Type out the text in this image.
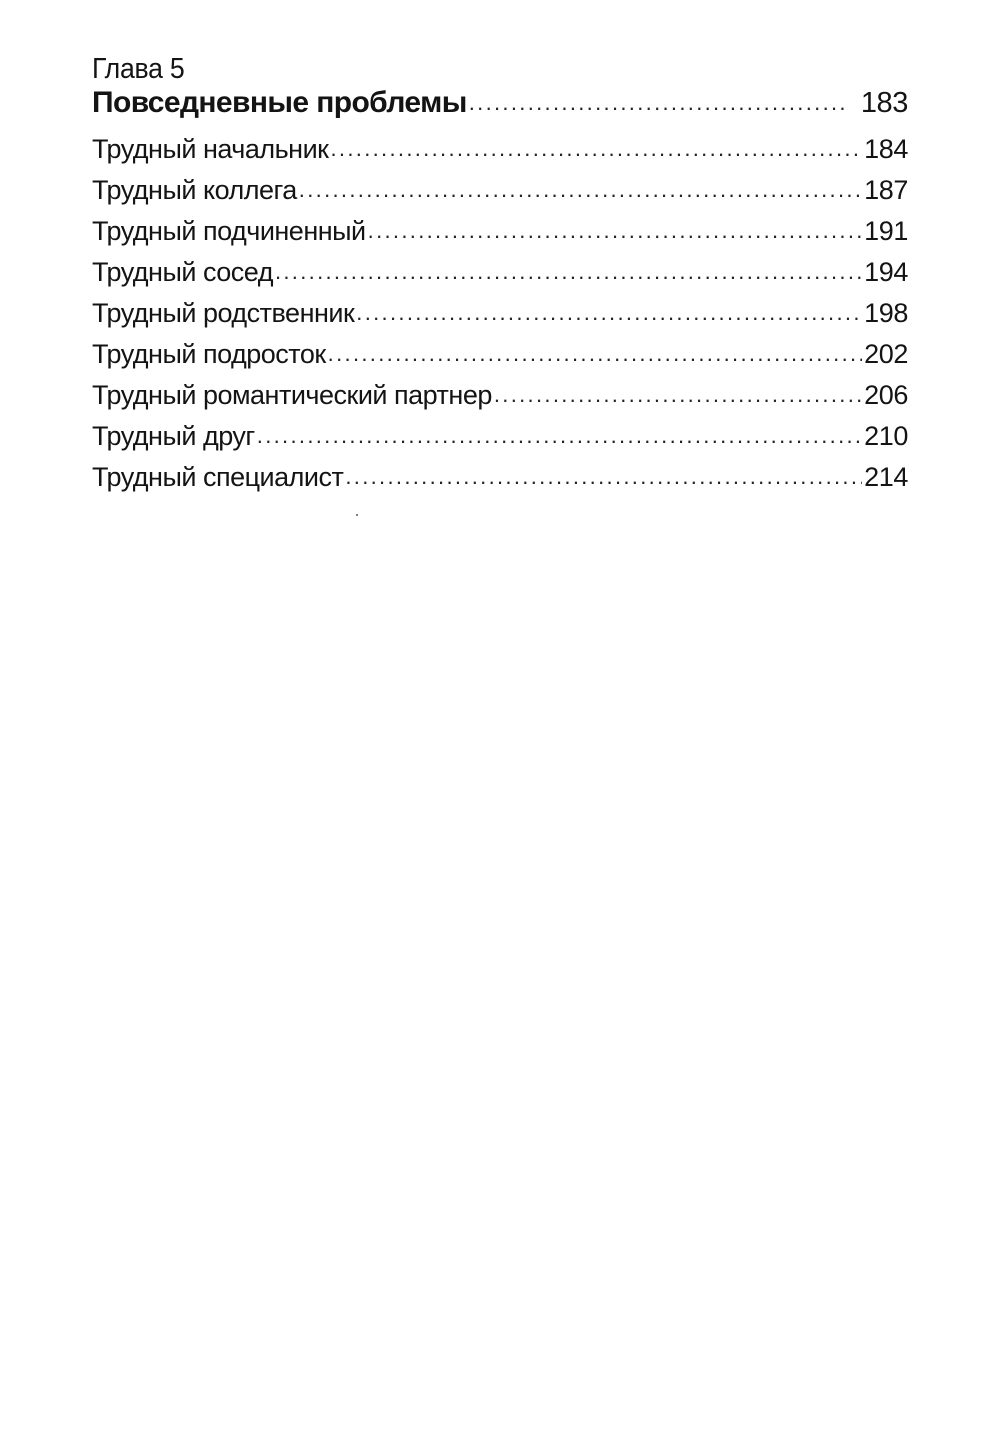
Глава 5
Повседневные проблемы . . .	183
Трудный начальник . . .	184
Трудный коллега . . .	187
Трудный подчиненный . . .	191
Трудный сосед . . .	194
Трудный родственник . . .	198
Трудный подросток . . .	202
Трудный романтический партнер . . .	206
Трудный друг . . .	210
Трудный специалист . . .	214
